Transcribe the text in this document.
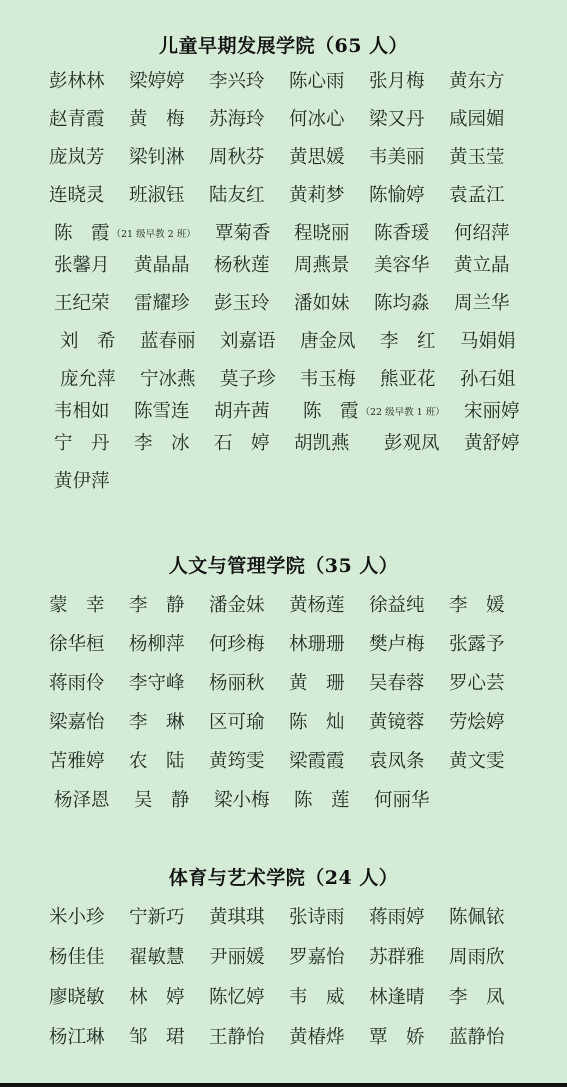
儿童早期发展学院（65 人）
彭林林	梁婷婷	李兴玲	陈心雨	张月梅	黄东方
赵青霞	黄　梅	苏海玲	何冰心	梁又丹	咸园媚
庞岚芳	梁钊淋	周秋芬	黄思媛	韦美丽	黄玉莹
连晓灵	班淑钰	陆友红	黄莉梦	陈愉婷	袁孟江
陈　霞 （21 级早教 2 班）	覃菊香	程晓丽	陈香瑗	何绍萍
张馨月	黄晶晶	杨秋莲	周燕景	美容华	黄立晶
王纪荣	雷耀珍	彭玉玲	潘如妹	陈均淼	周兰华
刘　希	蓝春丽	刘嘉语	唐金凤	李　红	马娟娟
庞允萍	宁冰燕	莫子珍	韦玉梅	熊亚花	孙石姐
韦相如	陈雪连	胡卉茜	陈　霞 （22 级早教 1 班）	宋丽婷
宁　丹	李　冰	石　婷	胡凯燕	彭观凤	黄舒婷
黄伊萍
人文与管理学院（35 人）
蒙　幸	李　静	潘金妹	黄杨莲	徐益纯	李　媛
徐华桓	杨柳萍	何珍梅	林珊珊	樊卢梅	张露予
蒋雨伶	李守峰	杨丽秋	黄　珊	吴春蓉	罗心芸
梁嘉怡	李　琳	区可瑜	陈　灿	黄镜蓉	劳烩婷
苫雅婷	农　陆	黄筠雯	梁霞霞	袁凤条	黄文雯
杨泽恩	吴　静	梁小梅	陈　莲	何丽华
体育与艺术学院（24 人）
米小珍	宁新巧	黄琪琪	张诗雨	蒋雨婷	陈佩铱
杨佳佳	翟敏慧	尹丽媛	罗嘉怡	苏群雅	周雨欣
廖晓敏	林　婷	陈忆婷	韦　威	林逢晴	李　凤
杨江琳	邹　珺	王静怡	黄椿烨	覃　娇	蓝静怡
